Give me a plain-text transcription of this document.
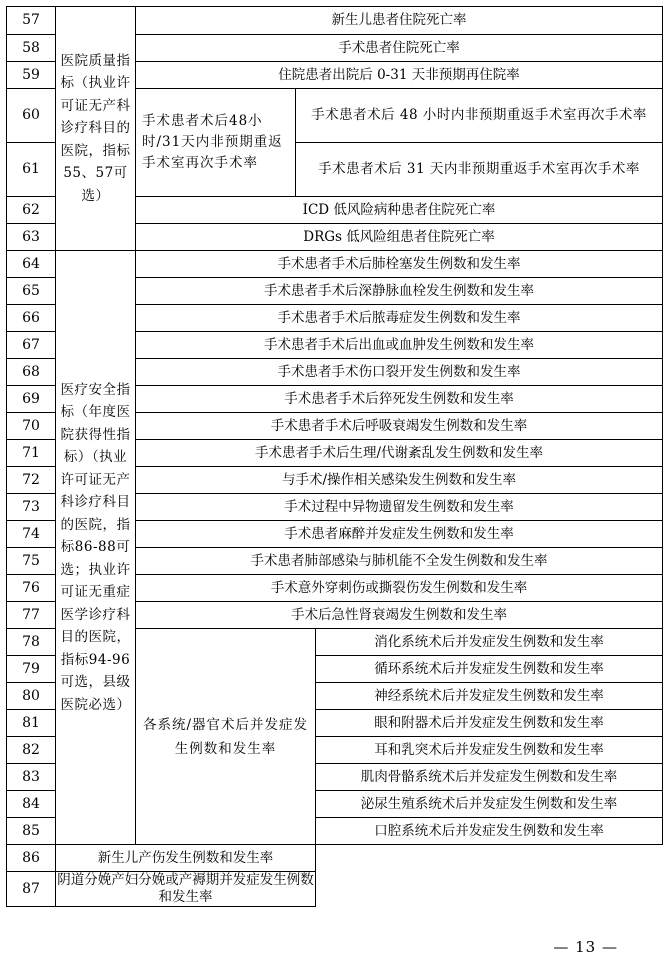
57	医院质量指标（执业许可证无产科诊疗科目的医院，指标55、57可选）	新生儿患者住院死亡率		
58		手术患者住院死亡率		
59		住院患者出院后 0-31 天非预期再住院率		
60		手术患者术后48小时/31天内非预期重返手术室再次手术率	手术患者术后 48 小时内非预期重返手术室再次手术率	
61			手术患者术后 31 天内非预期重返手术室再次手术率	
62		ICD 低风险病种患者住院死亡率		
63		DRGs 低风险组患者住院死亡率		
64	医疗安全指标（年度医院获得性指标）（执业许可证无产科诊疗科目的医院，指标86-88可选；执业许可证无重症医学诊疗科目的医院，指标94-96可选，县级医院必选）	手术患者手术后肺栓塞发生例数和发生率		
65		手术患者手术后深静脉血栓发生例数和发生率		
66		手术患者手术后脓毒症发生例数和发生率		
67		手术患者手术后出血或血肿发生例数和发生率		
68		手术患者手术伤口裂开发生例数和发生率		
69		手术患者手术后猝死发生例数和发生率		
70		手术患者手术后呼吸衰竭发生例数和发生率		
71		手术患者手术后生理/代谢紊乱发生例数和发生率		
72		与手术/操作相关感染发生例数和发生率		
73		手术过程中异物遗留发生例数和发生率		
74		手术患者麻醉并发症发生例数和发生率		
75		手术患者肺部感染与肺机能不全发生例数和发生率		
76		手术意外穿刺伤或撕裂伤发生例数和发生率		
77		手术后急性肾衰竭发生例数和发生率		
78		各系统/器官术后并发症发生例数和发生率		消化系统术后并发症发生例数和发生率
79				循环系统术后并发症发生例数和发生率
80				神经系统术后并发症发生例数和发生率
81				眼和附器术后并发症发生例数和发生率
82				耳和乳突术后并发症发生例数和发生率
83				肌肉骨骼系统术后并发症发生例数和发生率
84				泌尿生殖系统术后并发症发生例数和发生率
85				口腔系统术后并发症发生例数和发生率
86	新生儿产伤发生例数和发生率			
87	阴道分娩产妇分娩或产褥期并发症发生例数和发生率			
— 13 —
